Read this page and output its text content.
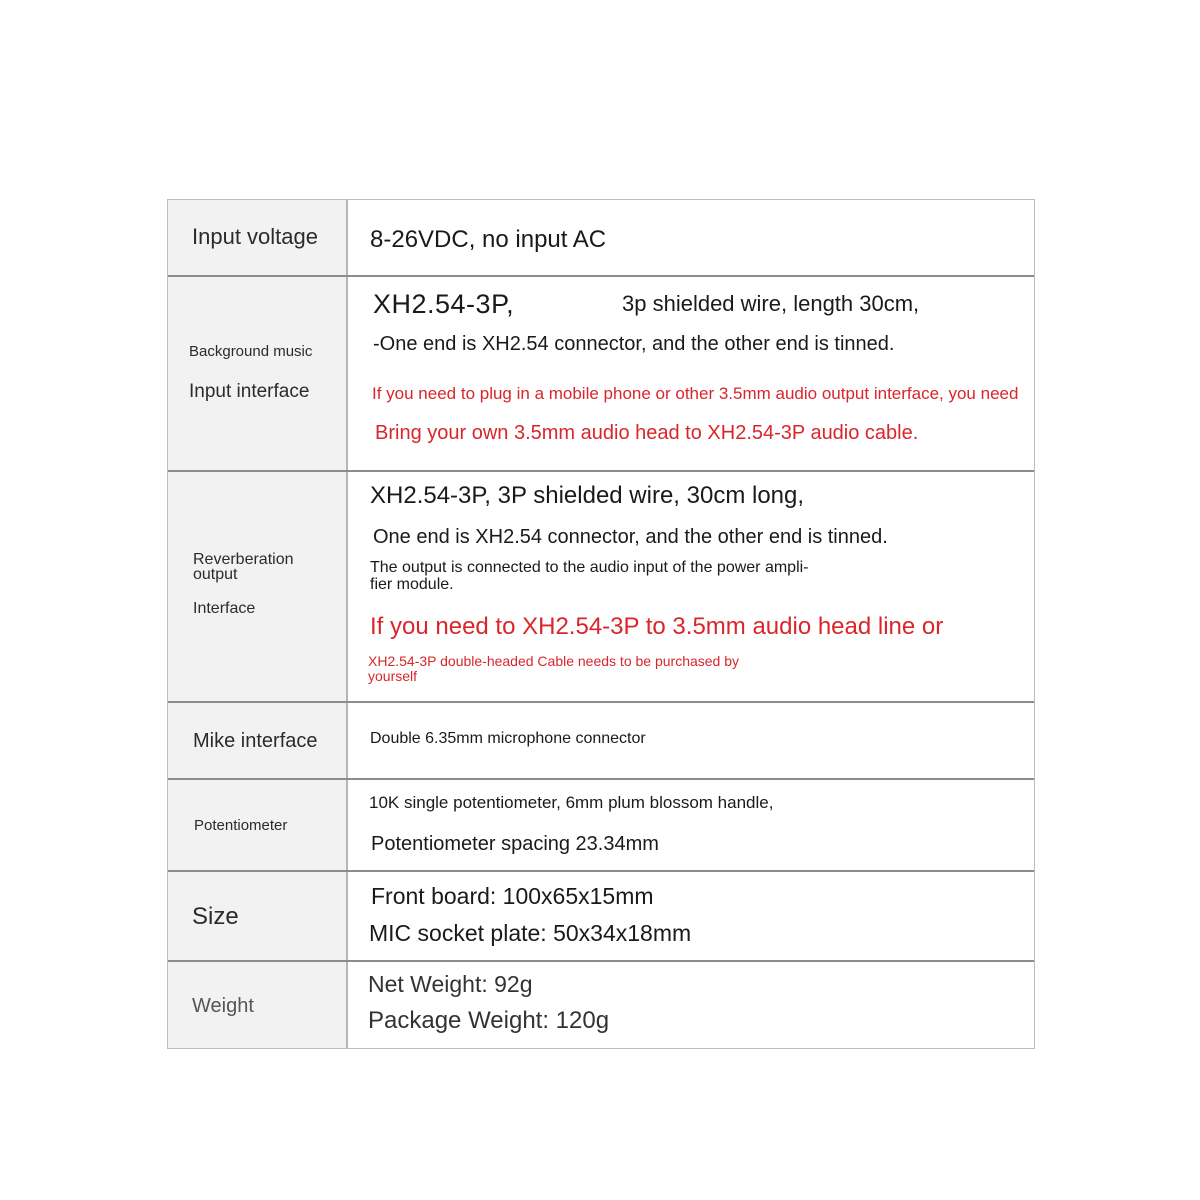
Input voltage 8-26VDC, no input AC
Background music
Input interface
XH2.54-3P,	3p shielded wire, length 30cm,
-One end is XH2.54 connector, and the other end is tinned.
If you need to plug in a mobile phone or other 3.5mm audio output interface, you need
Bring your own 3.5mm audio head to XH2.54-3P audio cable.
Reverberation
output
Interface
XH2.54-3P, 3P shielded wire, 30cm long,
One end is XH2.54 connector, and the other end is tinned.
The output is connected to the audio input of the power ampli-
fier module.
If you need to XH2.54-3P to 3.5mm audio head line or
XH2.54-3P double-headed Cable needs to be purchased by
yourself
Mike interface	Double 6.35mm microphone connector
Potentiometer
10K single potentiometer, 6mm plum blossom handle,
Potentiometer spacing 23.34mm
Size
Front board: 100x65x15mm
MIC socket plate: 50x34x18mm
Weight
Net Weight: 92g
Package Weight: 120g
